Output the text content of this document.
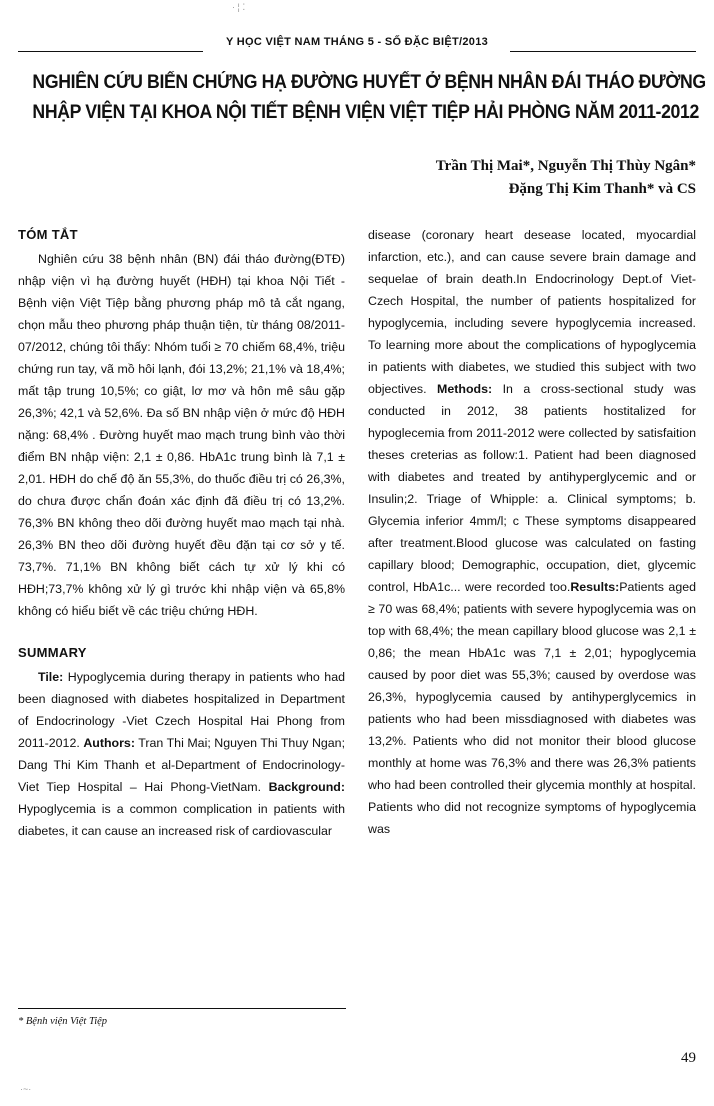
· ¦ ⁚
Y HỌC VIỆT NAM THÁNG 5 - SỐ ĐẶC BIỆT/2013
NGHIÊN CỨU BIẾN CHỨNG HẠ ĐƯỜNG HUYẾT Ở BỆNH NHÂN ĐÁI THÁO ĐƯỜNG
NHẬP VIỆN TẠI KHOA NỘI TIẾT BỆNH VIỆN VIỆT TIỆP HẢI PHÒNG NĂM 2011-2012
Trần Thị Mai*, Nguyễn Thị Thùy Ngân*
Đặng Thị Kim Thanh* và CS
TÓM TẮT

Nghiên cứu 38 bệnh nhân (BN) đái tháo đường(ĐTĐ) nhập viện vì hạ đường huyết (HĐH) tại khoa Nội Tiết - Bệnh viện Việt Tiệp bằng phương pháp mô tả cắt ngang, chọn mẫu theo phương pháp thuận tiện, từ tháng 08/2011-07/2012, chúng tôi thấy: Nhóm tuổi ≥ 70 chiếm 68,4%, triệu chứng run tay, vã mồ hôi lạnh, đói 13,2%; 21,1% và 18,4%; mất tập trung 10,5%; co giật, lơ mơ và hôn mê sâu gặp 26,3%; 42,1 và 52,6%. Đa số BN nhập viện ở mức độ HĐH nặng: 68,4% . Đường huyết mao mạch trung bình vào thời điểm BN nhập viện: 2,1 ± 0,86. HbA1c trung bình là 7,1 ± 2,01. HĐH do chế độ ăn 55,3%, do thuốc điều trị có 26,3%, do chưa được chẩn đoán xác định đã điều trị có 13,2%. 76,3% BN không theo dõi đường huyết mao mạch tại nhà. 26,3% BN theo dõi đường huyết đều đặn tại cơ sở y tế. 73,7%. 71,1% BN không biết cách tự xử lý khi có HĐH;73,7% không xử lý gì trước khi nhập viện và 65,8% không có hiểu biết về các triệu chứng HĐH.

SUMMARY

Tile: Hypoglycemia during therapy in patients who had been diagnosed with diabetes hospitalized in Department of Endocrinology -Viet Czech Hospital Hai Phong from 2011-2012. Authors: Tran Thi Mai; Nguyen Thi Thuy Ngan; Dang Thi Kim Thanh et al-Department of Endocrinology-Viet Tiep Hospital – Hai Phong-VietNam. Background: Hypoglycemia is a common complication in patients with diabetes, it can cause an increased risk of cardiovascular

disease (coronary heart desease located, myocardial infarction, etc.), and can cause severe brain damage and sequelae of brain death.In Endocrinology Dept.of Viet-Czech Hospital, the number of patients hospitalized for hypoglycemia, including severe hypoglycemia increased. To learning more about the complications of hypoglycemia in patients with diabetes, we studied this subject with two objectives. Methods: In a cross-sectional study was conducted in 2012, 38 patients hostitalized for hypoglecemia from 2011-2012 were collected by satisfaition theses creterias as follow:1. Patient had been diagnosed with diabetes and treated by antihyperglycemic and or Insulin;2. Triage of Whipple: a. Clinical symptoms; b. Glycemia inferior 4mm/l; c These symptoms disappeared after treatment.Blood glucose was calculated on fasting capillary blood; Demographic, occupation, diet, glycemic control, HbA1c... were recorded too.Results:Patients aged ≥ 70 was 68,4%; patients with severe hypoglycemia was on top with 68,4%; the mean capillary blood glucose was 2,1 ± 0,86; the mean HbA1c was 7,1 ± 2,01; hypoglycemia caused by poor diet was 55,3%; caused by overdose was 26,3%, hypoglycemia caused by antihyperglycemics in patients who had been missdiagnosed with diabetes was 13,2%. Patients who did not monitor their blood glucose monthly at home was 76,3% and there was 26,3% patients who had been controlled their glycemia monthly at hospital. Patients who did not recognize symptoms of hypoglycemia was

* Bệnh viện Việt Tiệp
49
·~·
